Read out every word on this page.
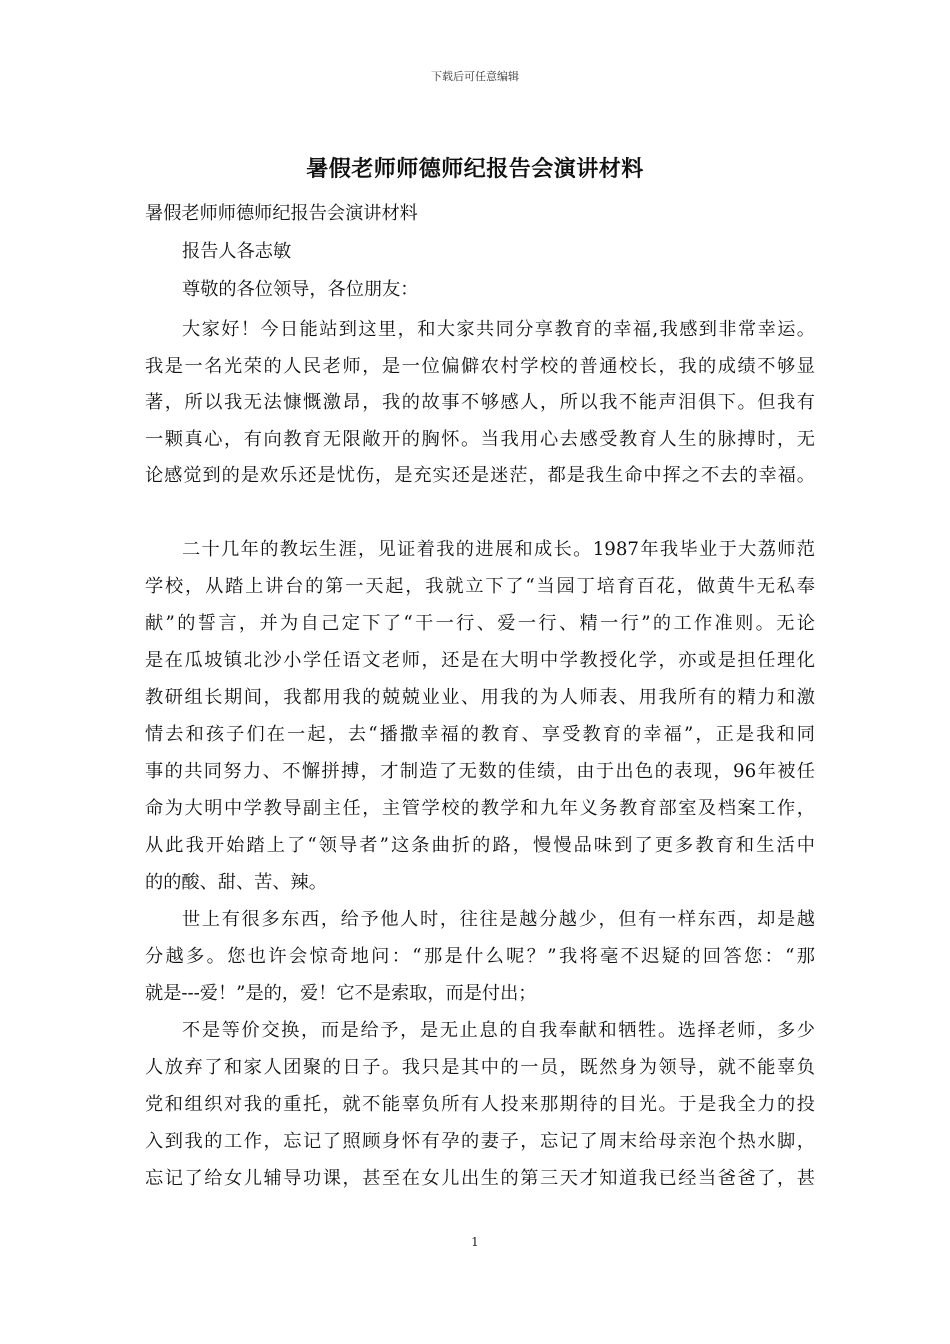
下载后可任意编辑
暑假老师师德师纪报告会演讲材料
暑假老师师德师纪报告会演讲材料
报告人各志敏
尊敬的各位领导，各位朋友：
大家好！今日能站到这里，和大家共同分享教育的幸福,我感到非常幸运。
我是一名光荣的人民老师，是一位偏僻农村学校的普通校长，我的成绩不够显
著，所以我无法慷慨激昂，我的故事不够感人，所以我不能声泪俱下。但我有
一颗真心，有向教育无限敞开的胸怀。当我用心去感受教育人生的脉搏时，无
论感觉到的是欢乐还是忧伤，是充实还是迷茫，都是我生命中挥之不去的幸福。
二十几年的教坛生涯，见证着我的进展和成长。1987年我毕业于大荔师范
学校，从踏上讲台的第一天起，我就立下了“当园丁培育百花，做黄牛无私奉
献”的誓言，并为自己定下了“干一行、爱一行、精一行”的工作准则。无论
是在瓜坡镇北沙小学任语文老师，还是在大明中学教授化学，亦或是担任理化
教研组长期间，我都用我的兢兢业业、用我的为人师表、用我所有的精力和激
情去和孩子们在一起，去“播撒幸福的教育、享受教育的幸福”，正是我和同
事的共同努力、不懈拼搏，才制造了无数的佳绩，由于出色的表现，96年被任
命为大明中学教导副主任，主管学校的教学和九年义务教育部室及档案工作，
从此我开始踏上了“领导者”这条曲折的路，慢慢品味到了更多教育和生活中
的的酸、甜、苦、辣。
世上有很多东西，给予他人时，往往是越分越少，但有一样东西，却是越
分越多。您也许会惊奇地问：“那是什么呢？”我将毫不迟疑的回答您：“那
就是---爱！”是的，爱！它不是索取，而是付出；
不是等价交换，而是给予，是无止息的自我奉献和牺牲。选择老师，多少
人放弃了和家人团聚的日子。我只是其中的一员，既然身为领导，就不能辜负
党和组织对我的重托，就不能辜负所有人投来那期待的目光。于是我全力的投
入到我的工作，忘记了照顾身怀有孕的妻子，忘记了周末给母亲泡个热水脚，
忘记了给女儿辅导功课，甚至在女儿出生的第三天才知道我已经当爸爸了，甚
1
